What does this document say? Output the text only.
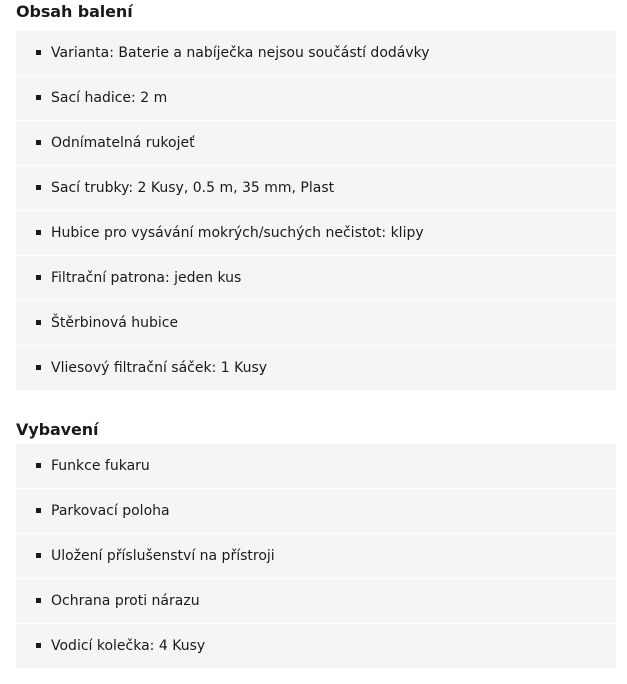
Obsah balení
Varianta: Baterie a nabíječka nejsou součástí dodávky
Sací hadice: 2 m
Odnímatelná rukojeť
Sací trubky: 2 Kusy, 0.5 m, 35 mm, Plast
Hubice pro vysávání mokrých/suchých nečistot: klipy
Filtrační patrona: jeden kus
Štěrbinová hubice
Vliesový filtrační sáček: 1 Kusy
Vybavení
Funkce fukaru
Parkovací poloha
Uložení příslušenství na přístroji
Ochrana proti nárazu
Vodicí kolečka: 4 Kusy
